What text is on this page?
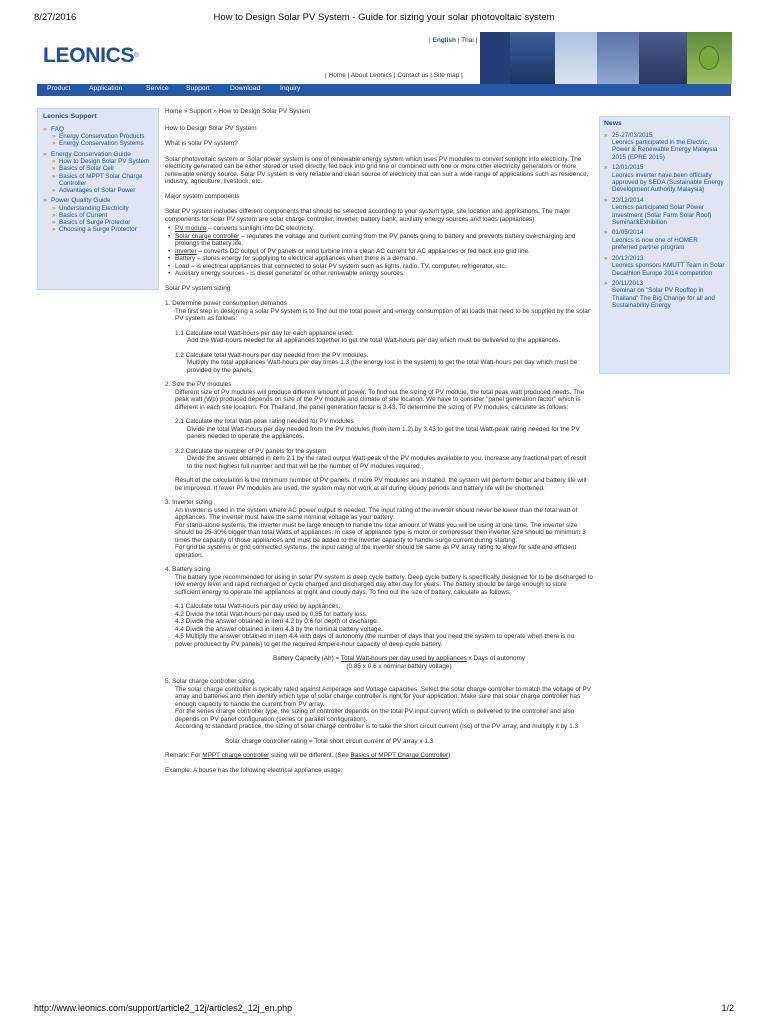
8/27/2016	How to Design Solar PV System - Guide for sizing your solar photovoltaic system
LEONICS®
| English | Thai |
| Home | About Leonics | Contact us | Site map |
Product	Application	Service	Support	Download	Inquiry
Leonics Support
» FAQ
» Energy Conservation Products
» Energy Conservation Systems
» Energy Conservation Guide
» How to Design Solar PV System
» Basics of Solar Cell
» Basics of MPPT Solar Charge Controller
» Advantages of Solar Power
» Power Quality Guide
» Understanding Electricity
» Basics of Current
» Basics of Surge Protector
» Choosing a Surge Protector

Home » Support » How to Design Solar PV System

How to Design Solar PV System

What is solar PV system?

Solar photovoltaic system or Solar power system is one of renewable energy system which uses PV modules to convert sunlight into electricity. The electricity generated can be either stored or used directly, fed back into grid line or combined with one or more other electricity generators or more renewable energy source. Solar PV system is very reliable and clean source of electricity that can suit a wide range of applications such as residence, industry, agriculture, livestock, etc.

Major system components

Solar PV system includes different components that should be selected according to your system type, site location and applications. The major components for solar PV system are solar charge controller, inverter, battery bank, auxiliary energy sources and loads (appliances).

• PV module – converts sunlight into DC electricity.
• Solar charge controller – regulates the voltage and current coming from the PV panels going to battery and prevents battery overcharging and prolongs the battery life.
• Inverter – converts DC output of PV panels or wind turbine into a clean AC current for AC appliances or fed back into grid line.
• Battery – stores energy for supplying to electrical appliances when there is a demand.
• Load – is electrical appliances that connected to solar PV system such as lights, radio, TV, computer, refrigerator, etc.
• Auxiliary energy sources - is diesel generator or other renewable energy sources.

Solar PV system sizing

1. Determine power consumption demands

The first step in designing a solar PV system is to find out the total power and energy consumption of all loads that need to be supplied by the solar PV system as follows:

1.1 Calculate total Watt-hours per day for each appliance used.

Add the Watt-hours needed for all appliances together to get the total Watt-hours per day which must be delivered to the appliances.

1.2 Calculate total Watt-hours per day needed from the PV modules.

Multiply the total appliances Watt-hours per day times 1.3 (the energy lost in the system) to get the total Watt-hours per day which must be provided by the panels.

2. Size the PV modules

Different size of PV modules will produce different amount of power. To find out the sizing of PV module, the total peak watt produced needs. The peak watt (Wp) produced depends on size of the PV module and climate of site location. We have to consider "panel generation factor" which is different in each site location. For Thailand, the panel generation factor is 3.43. To determine the sizing of PV modules, calculate as follows:

2.1 Calculate the total Watt-peak rating needed for PV modules

Divide the total Watt-hours per day needed from the PV modules (from item 1.2) by 3.43 to get the total Watt-peak rating needed for the PV panels needed to operate the appliances.

2.2 Calculate the number of PV panels for the system

Divide the answer obtained in item 2.1 by the rated output Watt-peak of the PV modules available to you. Increase any fractional part of result to the next highest full number and that will be the number of PV modules required.

Result of the calculation is the minimum number of PV panels. If more PV modules are installed, the system will perform better and battery life will be improved. If fewer PV modules are used, the system may not work at all during cloudy periods and battery life will be shortened.

3. Inverter sizing

An inverter is used in the system where AC power output is needed. The input rating of the inverter should never be lower than the total watt of appliances. The inverter must have the same nominal voltage as your battery.

For stand-alone systems, the inverter must be large enough to handle the total amount of Watts you will be using at one time. The inverter size should be 25-30% bigger than total Watts of appliances. In case of appliance type is motor or compressor then inverter size should be minimum 3 times the capacity of those appliances and must be added to the inverter capacity to handle surge current during starting.

For grid tie systems or grid connected systems, the input rating of the inverter should be same as PV array rating to allow for safe and efficient operation.

4. Battery sizing

The battery type recommended for using in solar PV system is deep cycle battery. Deep cycle battery is specifically designed for to be discharged to low energy level and rapid recharged or cycle charged and discharged day after day for years. The battery should be large enough to store sufficient energy to operate the appliances at night and cloudy days. To find out the size of battery, calculate as follows:

4.1 Calculate total Watt-hours per day used by appliances.

4.2 Divide the total Watt-hours per day used by 0.85 for battery loss.

4.3 Divide the answer obtained in item 4.2 by 0.6 for depth of discharge.

4.4 Divide the answer obtained in item 4.3 by the nominal battery voltage.

4.5 Multiply the answer obtained in item 4.4 with days of autonomy (the number of days that you need the system to operate when there is no power produced by PV panels) to get the required Ampere-hour capacity of deep-cycle battery.

Battery Capacity (Ah) = Total Watt-hours per day used by appliances x Days of autonomy
(0.85 x 0.6 x nominal battery voltage)

5. Solar charge controller sizing

The solar charge controller is typically rated against Amperage and Voltage capacities. Select the solar charge controller to match the voltage of PV array and batteries and then identify which type of solar charge controller is right for your application. Make sure that solar charge controller has enough capacity to handle the current from PV array.

For the series charge controller type, the sizing of controller depends on the total PV input current which is delivered to the controller and also depends on PV panel configuration (series or parallel configuration).

According to standard practice, the sizing of solar charge controller is to take the short circuit current (Isc) of the PV array, and multiply it by 1.3

Solar charge controller rating = Total short circuit current of PV array x 1.3

Remark: For MPPT charge controller sizing will be different. (See Basics of MPPT Charge Controller)

Example: A house has the following electrical appliance usage:

News
» 25-27/03/2015
Leonics participated in the Electric, Power & Renewable Energy Malaysia 2015 (EPRE 2015)
» 12/01/2015
Leonics inverter have been officially approved by SEDA (Sustainable Energy Development Authority Malaysia)
» 22/12/2014
Leonics participated Solar Power Investment (Solar Farm Solar Roof) Seminar&Exhibition
» 01/05/2014
Leonics is now one of HOMER preferred partner program
» 20/12/2013
Leonics sponsors KMUTT Team in Solar Decathlon Europe 2014 competition
» 20/11/2013
Seminar on "Solar PV Rooftop in Thailand" The Big Change for all and Sustainability Energy
http://www.leonics.com/support/article2_12j/articles2_12j_en.php	1/2
